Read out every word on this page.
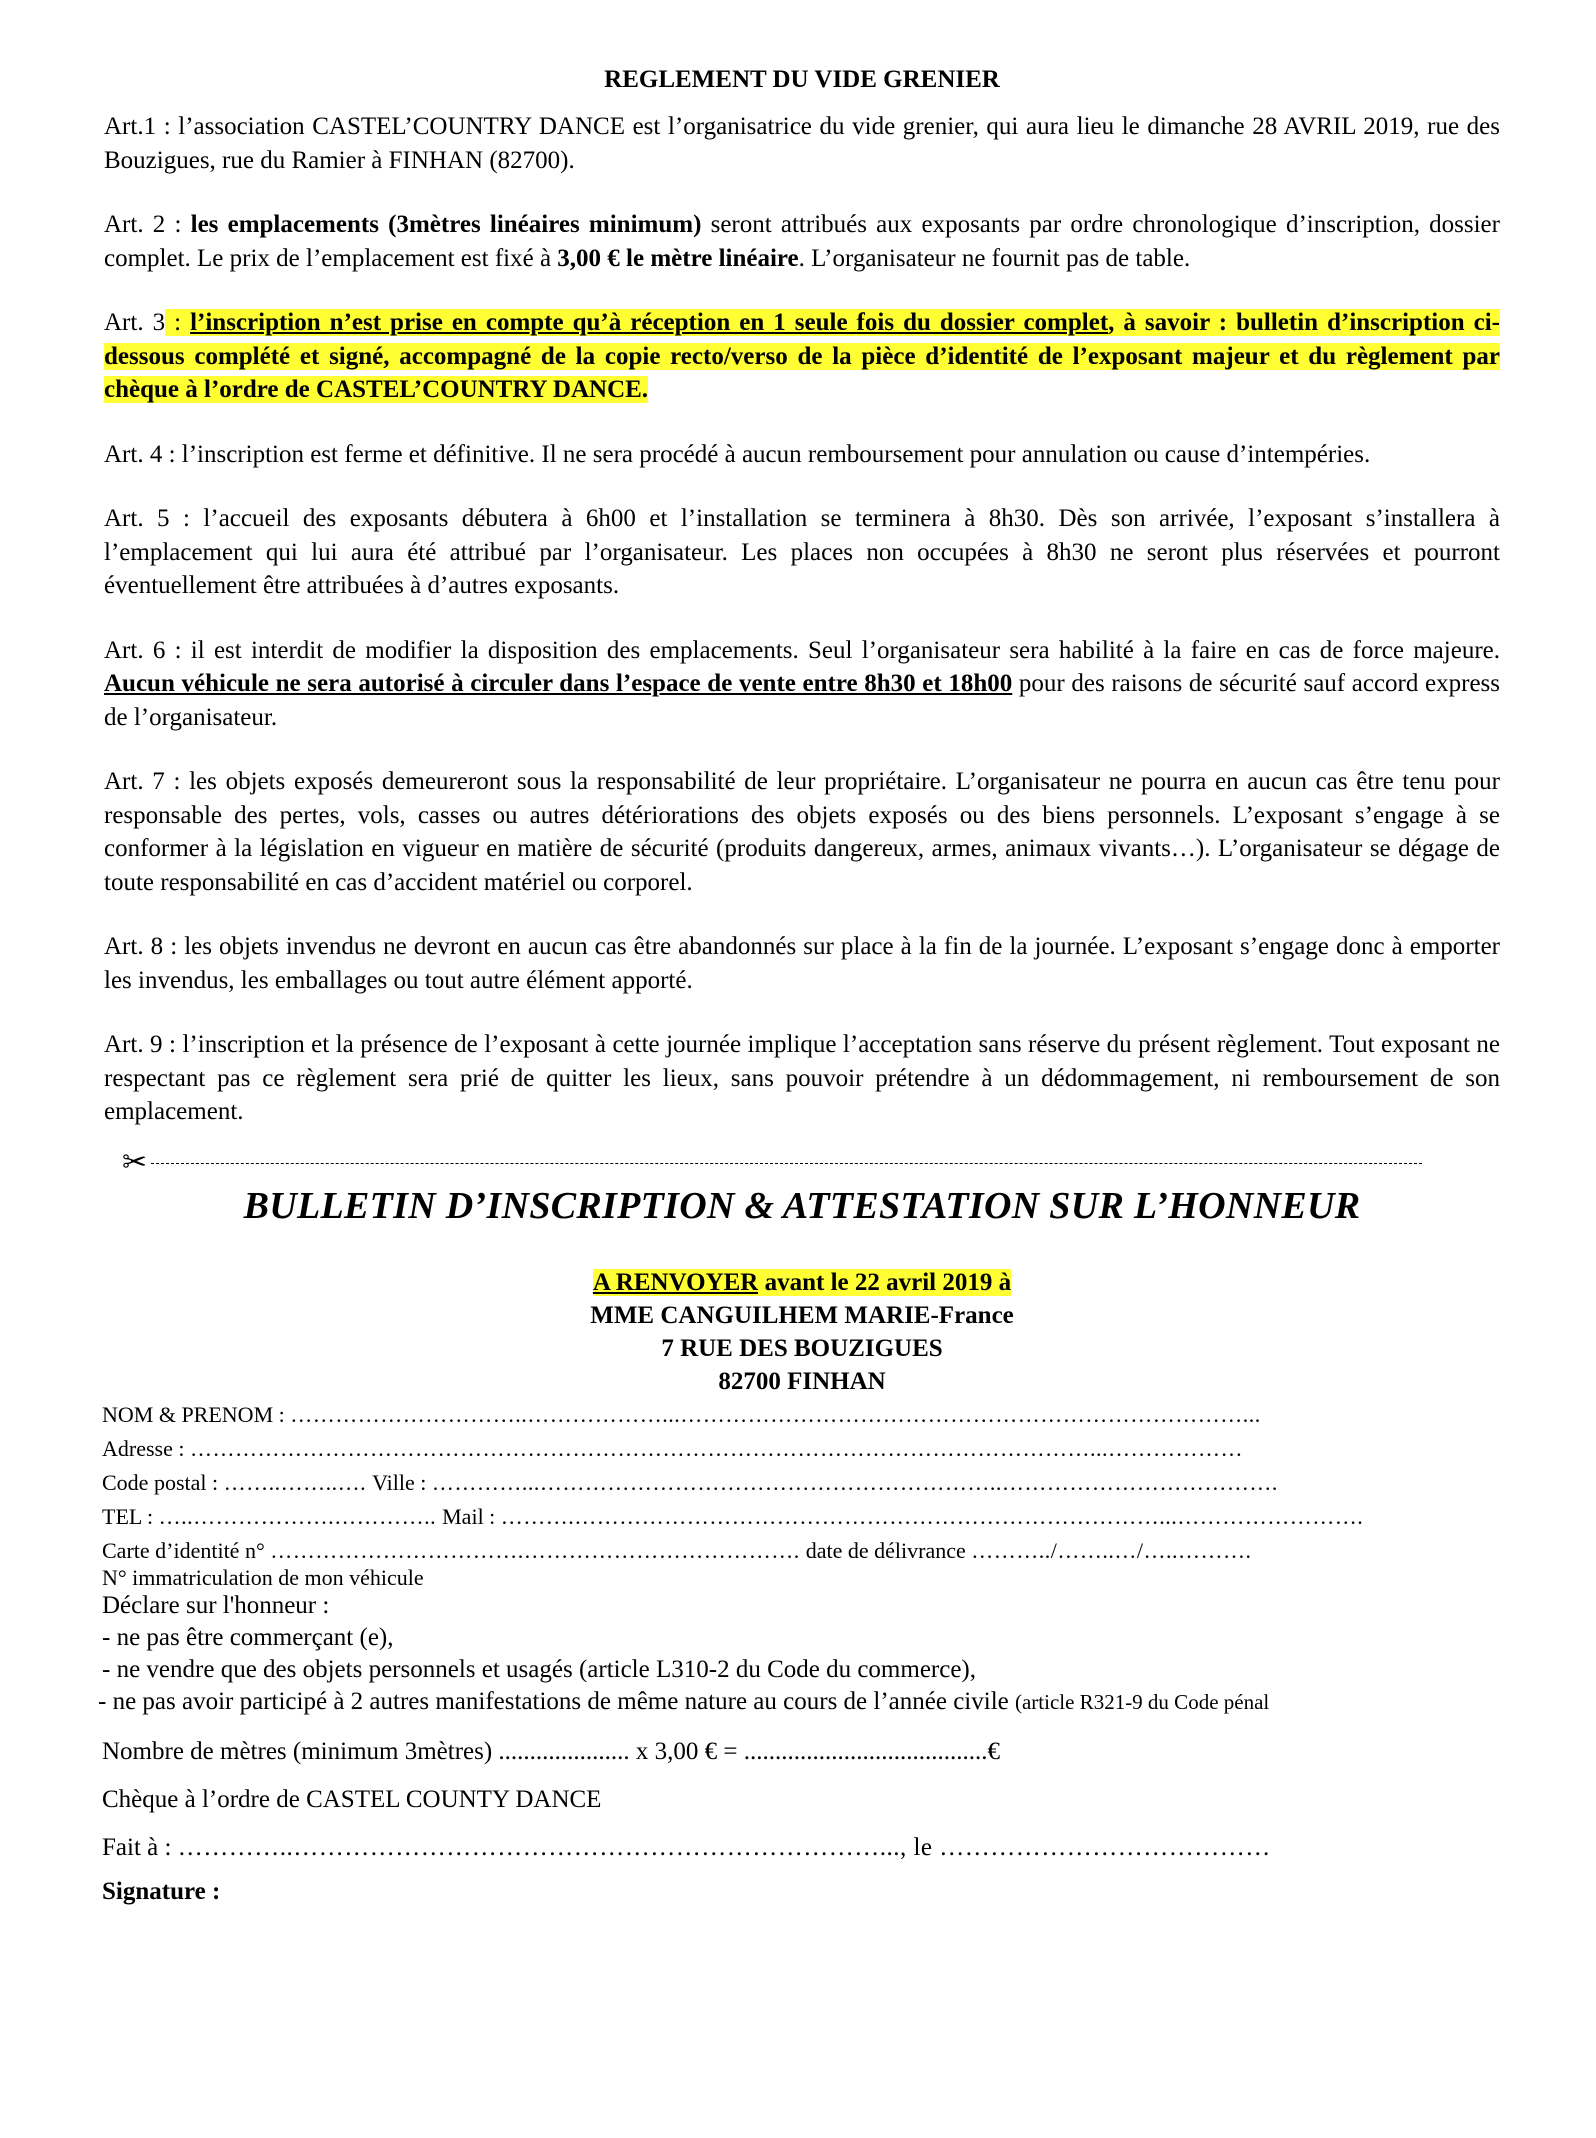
REGLEMENT DU VIDE GRENIER

Art.1 : l’association CASTEL’COUNTRY DANCE est l’organisatrice du vide grenier, qui aura lieu le dimanche 28 AVRIL 2019, rue des Bouzigues, rue du Ramier à FINHAN (82700).

Art. 2 : les emplacements (3mètres linéaires minimum) seront attribués aux exposants par ordre chronologique d’inscription, dossier complet. Le prix de l’emplacement est fixé à 3,00 € le mètre linéaire. L’organisateur ne fournit pas de table.

Art. 3 : l’inscription n’est prise en compte qu’à réception en 1 seule fois du dossier complet, à savoir : bulletin d’inscription ci-dessous complété et signé, accompagné de la copie recto/verso de la pièce d’identité de l’exposant majeur et du règlement par chèque à l’ordre de CASTEL’COUNTRY DANCE.

Art. 4 : l’inscription est ferme et définitive. Il ne sera procédé à aucun remboursement pour annulation ou cause d’intempéries.

Art. 5 : l’accueil des exposants débutera à 6h00 et l’installation se terminera à 8h30. Dès son arrivée, l’exposant s’installera à l’emplacement qui lui aura été attribué par l’organisateur. Les places non occupées à 8h30 ne seront plus réservées et pourront éventuellement être attribuées à d’autres exposants.

Art. 6 : il est interdit de modifier la disposition des emplacements. Seul l’organisateur sera habilité à la faire en cas de force majeure. Aucun véhicule ne sera autorisé à circuler dans l’espace de vente entre 8h30 et 18h00 pour des raisons de sécurité sauf accord express de l’organisateur.

Art. 7 : les objets exposés demeureront sous la responsabilité de leur propriétaire. L’organisateur ne pourra en aucun cas être tenu pour responsable des pertes, vols, casses ou autres détériorations des objets exposés ou des biens personnels. L’exposant s’engage à se conformer à la législation en vigueur en matière de sécurité (produits dangereux, armes, animaux vivants…). L’organisateur se dégage de toute responsabilité en cas d’accident matériel ou corporel.

Art. 8 : les objets invendus ne devront en aucun cas être abandonnés sur place à la fin de la journée. L’exposant s’engage donc à emporter les invendus, les emballages ou tout autre élément apporté.

Art. 9 : l’inscription et la présence de l’exposant à cette journée implique l’acceptation sans réserve du présent règlement. Tout exposant ne respectant pas ce règlement sera prié de quitter les lieux, sans pouvoir prétendre à un dédommagement, ni remboursement de son emplacement.

✂
BULLETIN D’INSCRIPTION & ATTESTATION SUR L’HONNEUR
A RENVOYER avant le 22 avril 2019 à
MME CANGUILHEM MARIE-France
7 RUE DES BOUZIGUES
82700 FINHAN
NOM & PRENOM : …………………………..………………...…………………………………………………………………...
Adresse : …………………………………………………………………………………………………………...………………
Code postal : ……..……..…. Ville : …………...……………………………………………………..……………………………….
TEL : …..……………….………….. Mail : ……….……………………………………………………………………...…………………….
Carte d’identité n° …………………………….………………………………. date de délivrance ………../……..…/…..……….
N° immatriculation de mon véhicule
Déclare sur l'honneur :
- ne pas être commerçant (e),
- ne vendre que des objets personnels et usagés (article L310-2 du Code du commerce),
- ne pas avoir participé à 2 autres manifestations de même nature au cours de l’année civile (article R321-9 du Code pénal
Nombre de mètres (minimum 3mètres) ..................... x 3,00 € = .......................................€
Chèque à l’ordre de CASTEL COUNTY DANCE
Fait à : …………..……………………………………………………………..., le …………………………………
Signature :
